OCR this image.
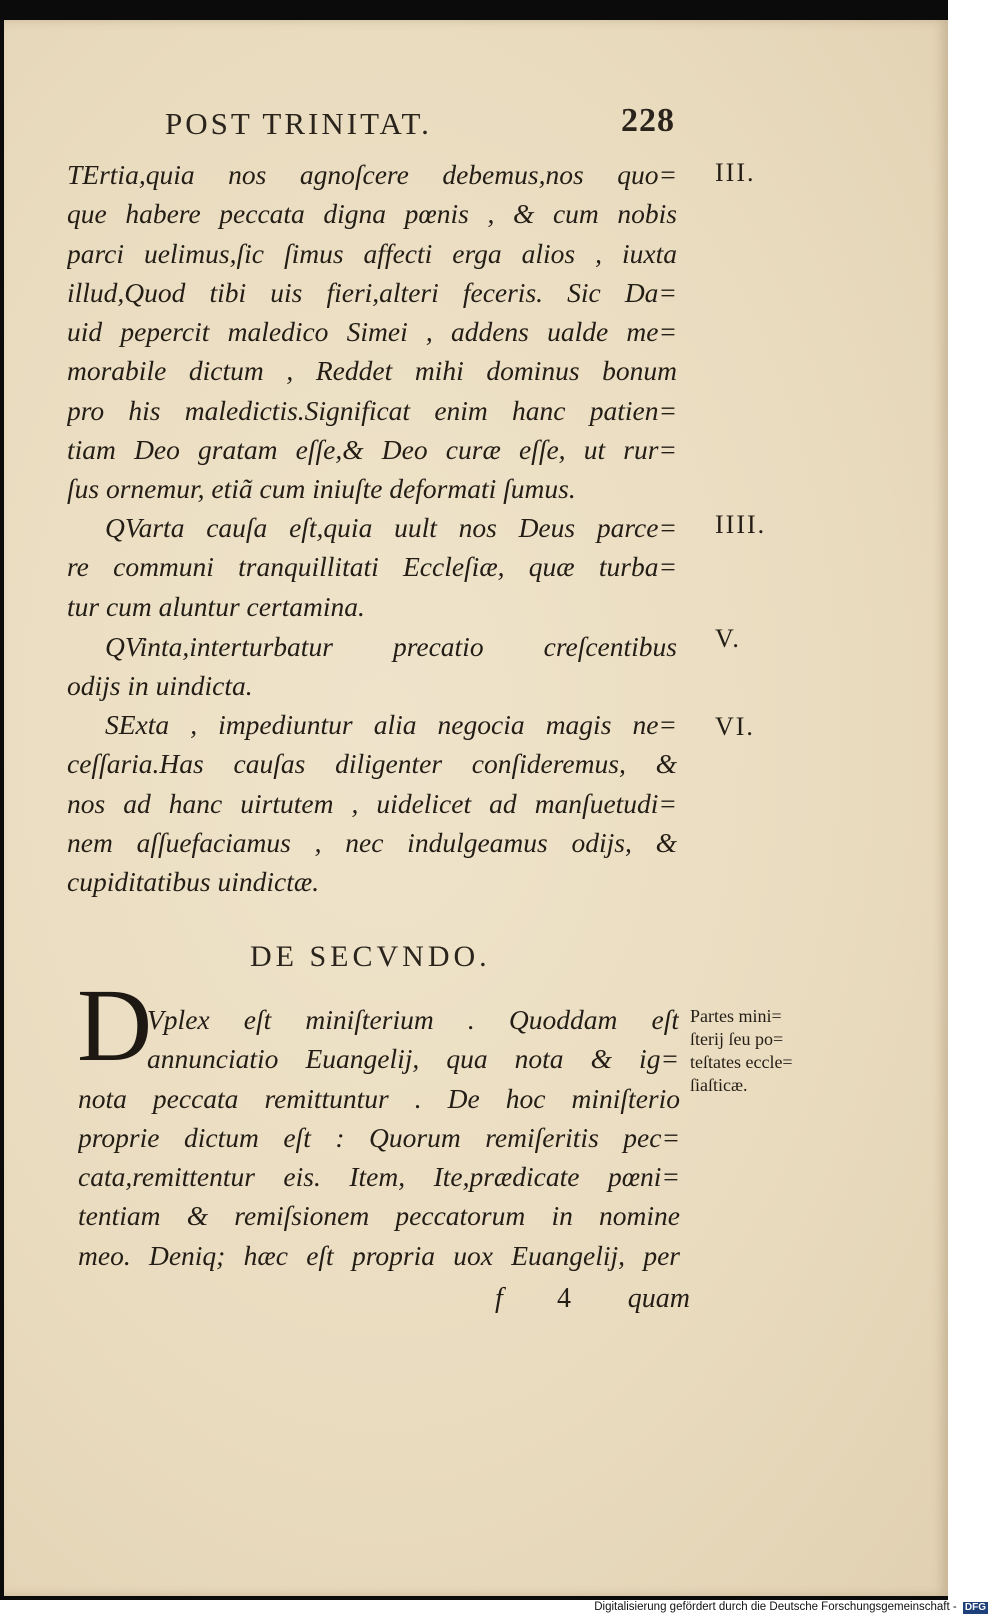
POST TRINITAT.	228
TErtia,quia nos agnoſcere debemus,nos quo=
que habere peccata digna pœnis , & cum nobis
parci uelimus,ſic ſimus affecti erga alios , iuxta
illud,Quod tibi uis fieri,alteri feceris. Sic Da=
uid pepercit maledico Simei , addens ualde me=
morabile dictum , Reddet mihi dominus bonum
pro his maledictis.Significat enim hanc patien=
tiam Deo gratam eſſe,& Deo curæ eſſe, ut rur=
ſus ornemur, etiã cum iniuſte deformati ſumus.
III.
QVarta cauſa eſt,quia uult nos Deus parce=
re communi tranquillitati Eccleſiæ, quæ turba=
tur cum aluntur certamina.
IIII.
QVinta,interturbatur precatio creſcentibus
odijs in uindicta.
V.
SExta , impediuntur alia negocia magis ne=
ceſſaria.Has cauſas diligenter conſideremus, &
nos ad hanc uirtutem , uidelicet ad manſuetudi=
nem aſſuefaciamus , nec indulgeamus odijs, &
cupiditatibus uindictæ.
VI.
DE SECVNDO.
D
Vplex eſt miniſterium . Quoddam eſt
annunciatio Euangelij, qua nota & ig=
nota peccata remittuntur . De hoc miniſterio
proprie dictum eſt : Quorum remiſeritis pec=
cata,remittentur eis. Item, Ite,prædicate pœni=
tentiam & remiſsionem peccatorum in nomine
meo. Deniq; hæc eſt propria uox Euangelij, per
Partes mini=
ſterij ſeu po=
teſtates eccle=
ſiaſticæ.
f 4 quam
Digitalisierung gefördert durch die Deutsche Forschungsgemeinschaft - DFG
